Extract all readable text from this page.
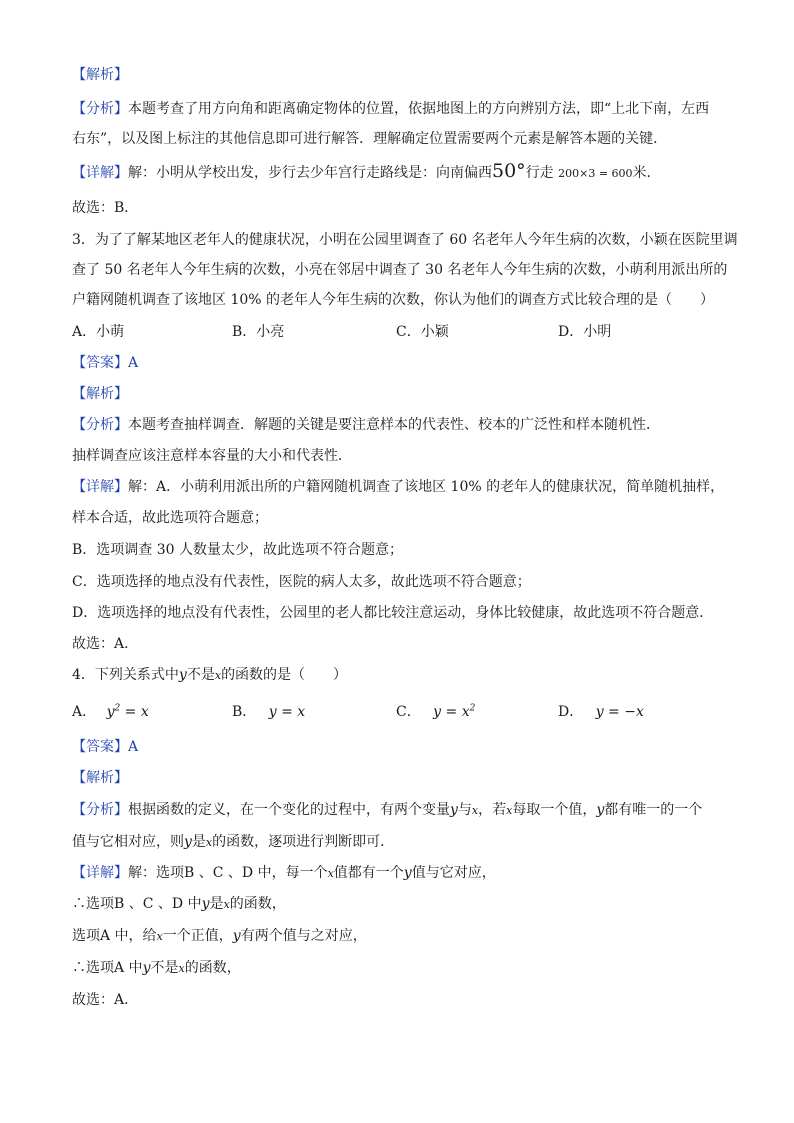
【解析】
【分析】本题考查了用方向角和距离确定物体的位置，依据地图上的方向辨别方法，即“上北下南，左西
右东”，以及图上标注的其他信息即可进行解答．理解确定位置需要两个元素是解答本题的关键．
【详解】解：小明从学校出发，步行去少年宫行走路线是：向南偏西50°行走 200×3 = 600米．
故选：B．
3．为了了解某地区老年人的健康状况，小明在公园里调查了 60 名老年人今年生病的次数，小颖在医院里调
查了 50 名老年人今年生病的次数，小亮在邻居中调查了 30 名老年人今年生病的次数，小萌利用派出所的
户籍网随机调查了该地区 10% 的老年人今年生病的次数，你认为他们的调查方式比较合理的是（　　）
A．小萌	B．小亮	C．小颖	D．小明
【答案】A
【解析】
【分析】本题考查抽样调查．解题的关键是要注意样本的代表性、校本的广泛性和样本随机性．
抽样调查应该注意样本容量的大小和代表性．
【详解】解：A．小萌利用派出所的户籍网随机调查了该地区 10% 的老年人的健康状况，简单随机抽样，
样本合适，故此选项符合题意；
B．选项调查 30 人数量太少，故此选项不符合题意；
C．选项选择的地点没有代表性，医院的病人太多，故此选项不符合题意；
D．选项选择的地点没有代表性，公园里的老人都比较注意运动，身体比较健康，故此选项不符合题意．
故选：A．
4．下列关系式中y不是x的函数的是（　　）
A． $y^2 = x$	B． y = x	C． $y = x^2$	D． y = −x
【答案】A
【解析】
【分析】根据函数的定义，在一个变化的过程中，有两个变量y与x，若x每取一个值，y都有唯一的一个
值与它相对应，则y是x的函数，逐项进行判断即可．
【详解】解：选项B 、C 、D 中，每一个x值都有一个y值与它对应，
∴选项B 、C 、D 中y是x的函数，
选项A 中，给x一个正值，y有两个值与之对应，
∴选项A 中y不是x的函数，
故选：A．
